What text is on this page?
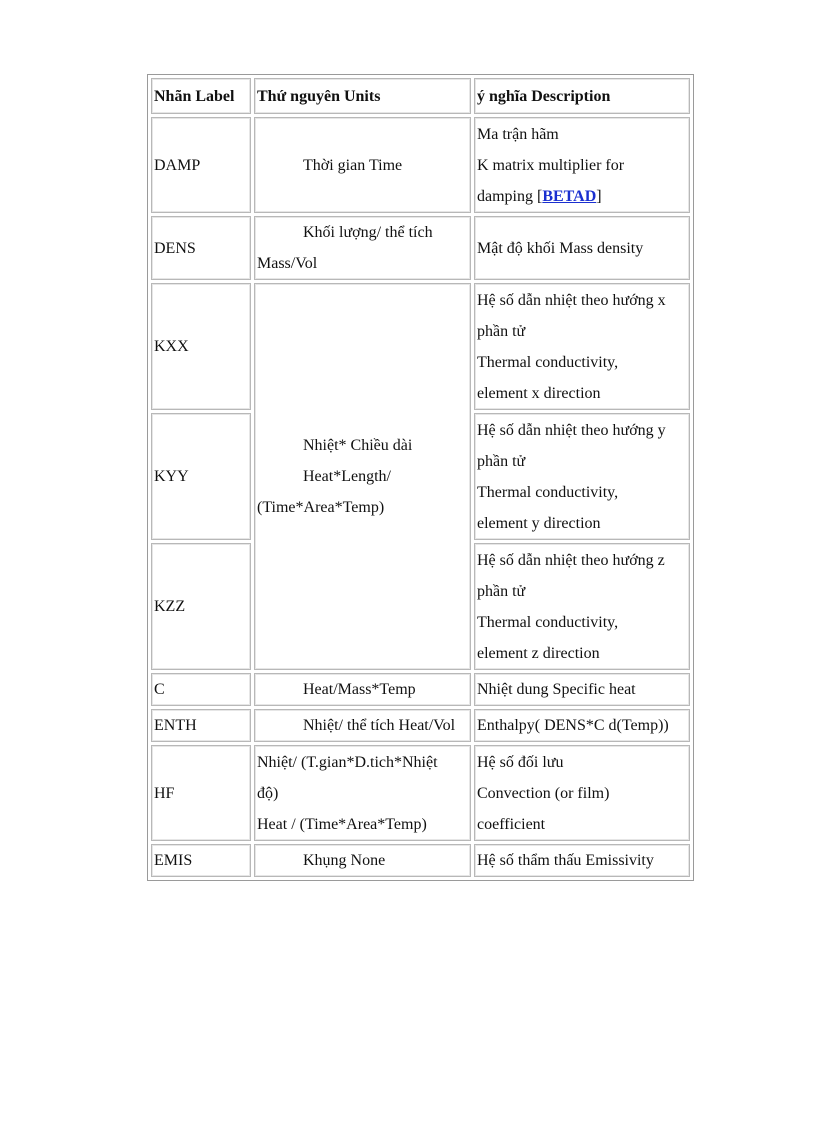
Nhãn Label	Thứ nguyên Units	ý nghĩa Description
DAMP	Thời gian Time	Ma trận hãm
K matrix multiplier for
damping [BETAD]

DENS	Khối lượng/ thể tích
Mass/Vol	Mật độ khối Mass density
KXX	Nhiệt* Chiều dài
Heat*Length/
(Time*Area*Temp)	Hệ số dẫn nhiệt theo hướng x
phần tử
Thermal conductivity,
element x direction

KYY		Hệ số dẫn nhiệt theo hướng y
phần tử
Thermal conductivity,
element y direction

KZZ		Hệ số dẫn nhiệt theo hướng z
phần tử
Thermal conductivity,
element z direction

C	Heat/Mass*Temp	Nhiệt dung Specific heat
ENTH	Nhiệt/ thể tích Heat/Vol	Enthalpy( DENS*C d(Temp))
HF	Nhiệt/ (T.gian*D.tich*Nhiệt
độ)
Heat / (Time*Area*Temp)	Hệ số đối lưu
Convection (or film)
coefficient

EMIS	Khụng None	Hệ số thẩm thấu Emissivity
